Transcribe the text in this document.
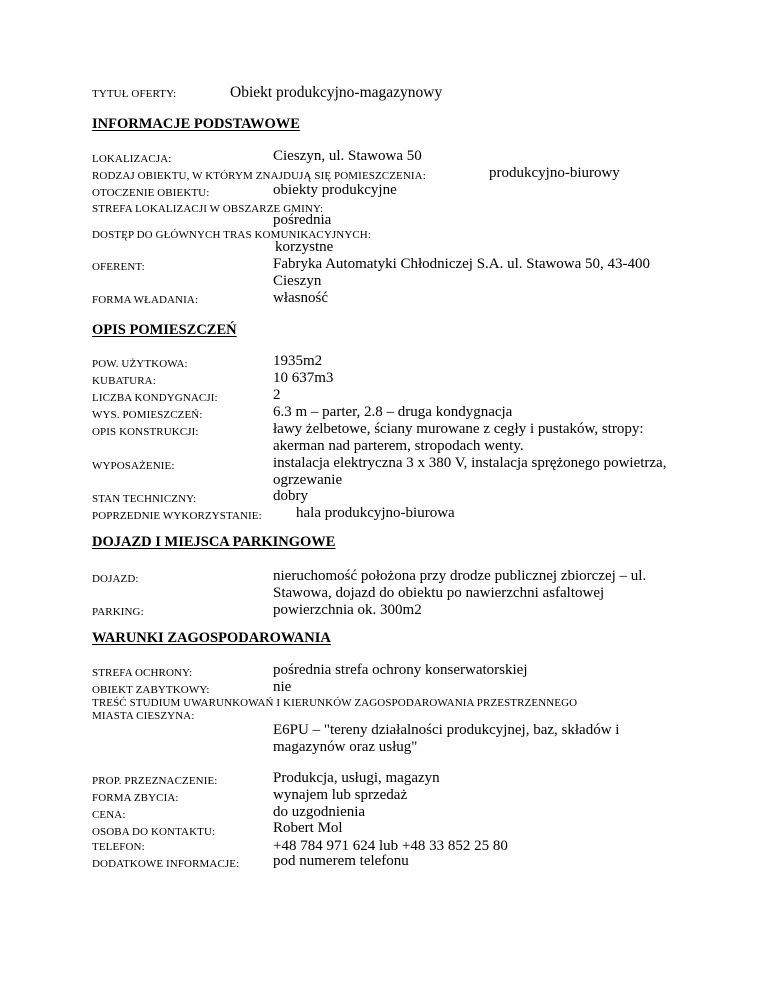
TYTUŁ OFERTY:	Obiekt produkcyjno-magazynowy
INFORMACJE PODSTAWOWE
LOKALIZACJA:	Cieszyn, ul. Stawowa 50
RODZAJ OBIEKTU, W KTÓRYM ZNAJDUJĄ SIĘ POMIESZCZENIA:	produkcyjno-biurowy
OTOCZENIE OBIEKTU:	obiekty produkcyjne
STREFA LOKALIZACJI W OBSZARZE GMINY:
pośrednia
DOSTĘP DO GŁÓWNYCH TRAS KOMUNIKACYJNYCH:
korzystne
OFERENT:	Fabryka Automatyki Chłodniczej S.A. ul. Stawowa 50, 43-400 Cieszyn
FORMA WŁADANIA:	własność
OPIS POMIESZCZEŃ
POW. UŻYTKOWA:	1935m2
KUBATURA:	10 637m3
LICZBA KONDYGNACJI:	2
WYS. POMIESZCZEŃ:	6.3 m – parter, 2.8 – druga kondygnacja
OPIS KONSTRUKCJI:	ławy żelbetowe, ściany murowane z cegły i pustaków, stropy: akerman nad parterem, stropodach wenty.
WYPOSAŻENIE:	instalacja elektryczna 3 x 380 V, instalacja sprężonego powietrza, ogrzewanie
STAN TECHNICZNY:	dobry
POPRZEDNIE WYKORZYSTANIE: hala produkcyjno-biurowa
DOJAZD I MIEJSCA PARKINGOWE
DOJAZD:	nieruchomość położona przy drodze publicznej zbiorczej – ul. Stawowa, dojazd do obiektu po nawierzchni asfaltowej
PARKING:	powierzchnia ok. 300m2
WARUNKI ZAGOSPODAROWANIA
STREFA OCHRONY:	pośrednia strefa ochrony konserwatorskiej
OBIEKT ZABYTKOWY:	nie
TREŚĆ STUDIUM UWARUNKOWAŃ I KIERUNKÓW ZAGOSPODAROWANIA PRZESTRZENNEGO
MIASTA CIESZYNA:
E6PU – "tereny działalności produkcyjnej, baz, składów i magazynów oraz usług"
PROP. PRZEZNACZENIE:	Produkcja, usługi, magazyn
FORMA ZBYCIA:	wynajem lub sprzedaż
CENA:	do uzgodnienia
OSOBA DO KONTAKTU:	Robert Mol
TELEFON:	+48 784 971 624 lub +48 33 852 25 80
DODATKOWE INFORMACJE: pod numerem telefonu
